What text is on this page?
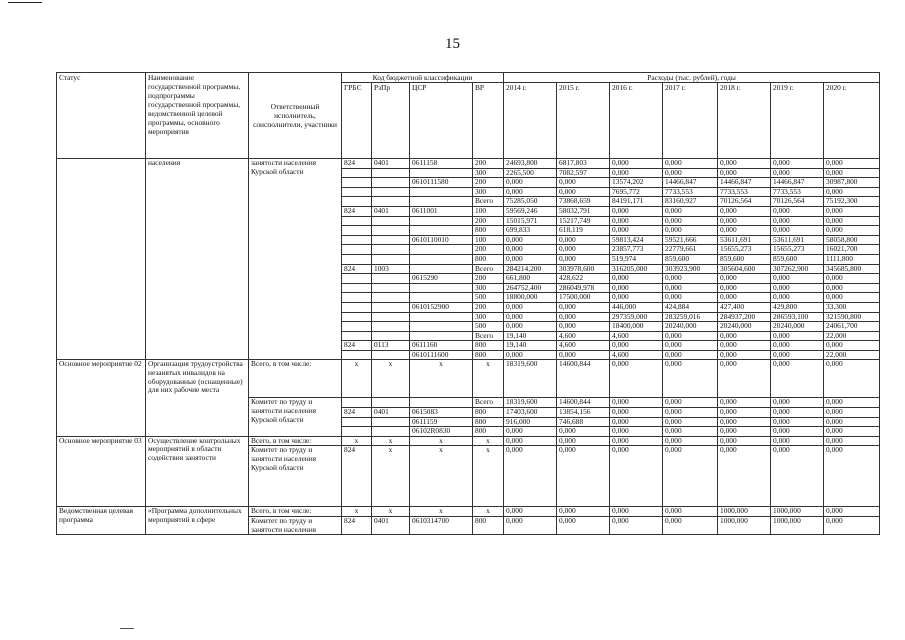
15
Статус	Наименование государственной программы, подпрограммы государственной программы, ведомственной целевой программы, основного мероприятия	Ответственный исполнитель, соисполнители, участники	Код бюджетной классификации				Расходы (тыс. рублей), годы						
			ГРБС	РзПр	ЦСР	ВР	2014 г.	2015 г.	2016 г.	2017 г.	2018 г.	2019 г.	2020 г.
	населения	занятости населения Курской области	824	0401	0611158	200	24693,800	6817,803	0,000	0,000	0,000	0,000	0,000
						300	2265,500	7082,597	0,000	0,000	0,000	0,000	0,000
					0610111580	200	0,000	0,000	13574,202	14466,847	14466,847	14466,847	30987,800
						300	0,000	0,000	7695,772	7733,553	7733,553	7733,553	0,000
						Всего	75285,050	73868,659	84191,171	83160,927	70126,564	70126,564	75192,300
			824	0401	0611001	100	59569,246	58032,791	0,000	0,000	0,000	0,000	0,000
						200	15015,971	15217,749	0,000	0,000	0,000	0,000	0,000
						800	699,833	618,119	0,000	0,000	0,000	0,000	0,000
					0610110010	100	0,000	0,000	59813,424	59521,666	53611,691	53611,691	58058,800
						200	0,000	0,000	23857,773	22779,661	15655,273	15655,273	16021,700
						800	0,000	0,000	519,974	859,600	859,600	859,600	1111,800
			824	1003		Всего	284214,200	303978,600	316205,000	303923,900	305604,600	307262,900	345685,800
					0615290	200	661,800	428,622	0,000	0,000	0,000	0,000	0,000
						300	264752,400	286049,978	0,000	0,000	0,000	0,000	0,000
						500	18800,000	17500,000	0,000	0,000	0,000	0,000	0,000
					0610152900	200	0,000	0,000	446,000	424,884	427,400	429,800	33,300
						300	0,000	0,000	297359,000	283259,016	284937,200	286593,100	321590,800
						500	0,000	0,000	18400,000	20240,000	20240,000	20240,000	24061,700
						Всего	19,140	4,600	4,600	0,000	0,000	0,000	22,000
			824	0113	0611160	800	19,140	4,600	0,000	0,000	0,000	0,000	0,000
					0610111600	800	0,000	0,000	4,600	0,000	0,000	0,000	22,000
Основное мероприятие 02	Организация трудоустройства незанятых инвалидов на оборудованные (оснащенные) для них рабочие места	Всего, в том числе:	x	x	x	x	18319,600	14600,844	0,000	0,000	0,000	0,000	0,000
		Комитет по труду и занятости населения Курской области				Всего	18319,600	14600,844	0,000	0,000	0,000	0,000	0,000
			824	0401	0615083	800	17403,600	13854,156	0,000	0,000	0,000	0,000	0,000
					0611159	800	916,000	746,688	0,000	0,000	0,000	0,000	0,000
					06102R0830	800	0,000	0,000	0,000	0,000	0,000	0,000	0,000
Основное мероприятие 03	Осуществление контрольных мероприятий в области содействия занятости	Всего, в том числе:	x	x	x	x	0,000	0,000	0,000	0,000	0,000	0,000	0,000
		Комитет по труду и занятости населения Курской области	824	x	x	x	0,000	0,000	0,000	0,000	0,000	0,000	0,000
Ведомственная целевая программа	«Программа дополнительных мероприятий в сфере	Всего, в том числе:	x	x	x	x	0,000	0,000	0,000	0,000	1000,000	1000,000	0,000
		Комитет по труду и занятости населения	824	0401	0610314700	800	0,000	0,000	0,000	0,000	1000,000	1000,000	0,000
